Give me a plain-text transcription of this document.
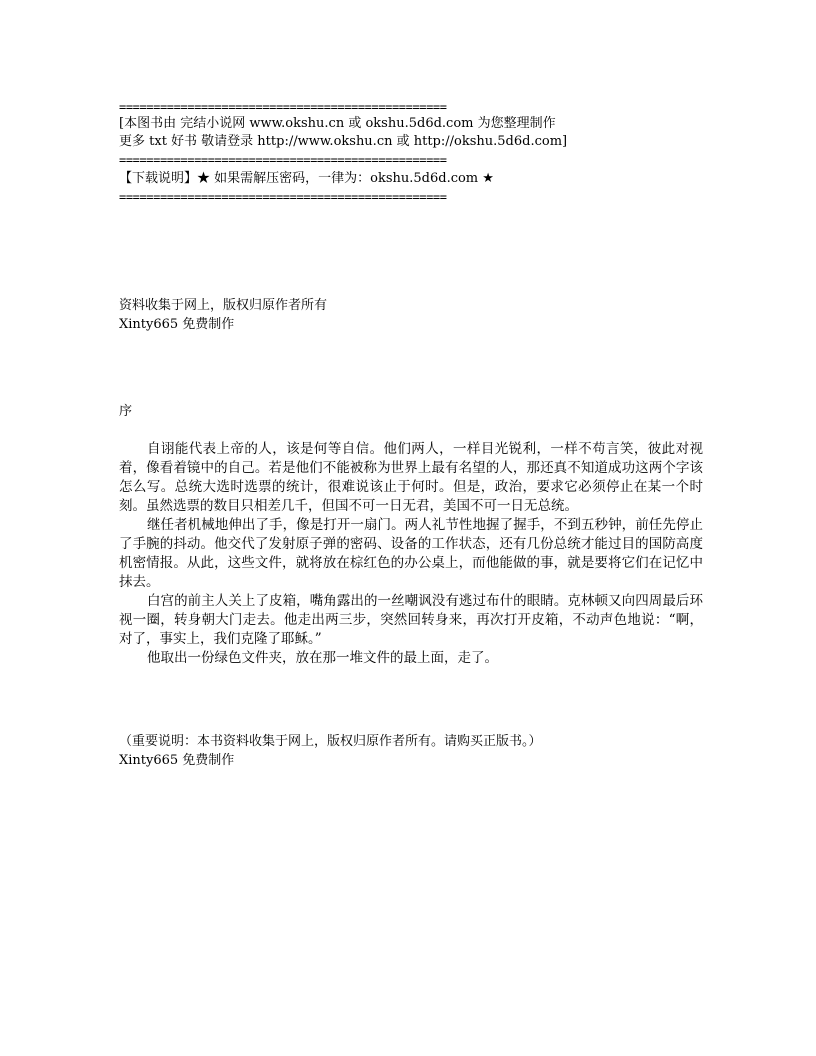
================================================
[本图书由 完结小说网 www.okshu.cn 或 okshu.5d6d.com 为您整理制作
更多 txt 好书 敬请登录 http://www.okshu.cn 或 http://okshu.5d6d.com]
================================================
【下载说明】★ 如果需解压密码，一律为：okshu.5d6d.com ★
================================================
资料收集于网上，版权归原作者所有
Xinty665 免费制作
序

自诩能代表上帝的人，该是何等自信。他们两人，一样目光锐利，一样不苟言笑，彼此对视着，像看着镜中的自己。若是他们不能被称为世界上最有名望的人，那还真不知道成功这两个字该怎么写。总统大选时选票的统计，很难说该止于何时。但是，政治，要求它必须停止在某一个时刻。虽然选票的数目只相差几千，但国不可一日无君，美国不可一日无总统。

继任者机械地伸出了手，像是打开一扇门。两人礼节性地握了握手，不到五秒钟，前任先停止了手腕的抖动。他交代了发射原子弹的密码、设备的工作状态，还有几份总统才能过目的国防高度机密情报。从此，这些文件，就将放在棕红色的办公桌上，而他能做的事，就是要将它们在记忆中抹去。

白宫的前主人关上了皮箱，嘴角露出的一丝嘲讽没有逃过布什的眼睛。克林顿又向四周最后环视一圈，转身朝大门走去。他走出两三步，突然回转身来，再次打开皮箱，不动声色地说：“啊，对了，事实上，我们克隆了耶稣。”

他取出一份绿色文件夹，放在那一堆文件的最上面，走了。

（重要说明：本书资料收集于网上，版权归原作者所有。请购买正版书。）
Xinty665 免费制作
